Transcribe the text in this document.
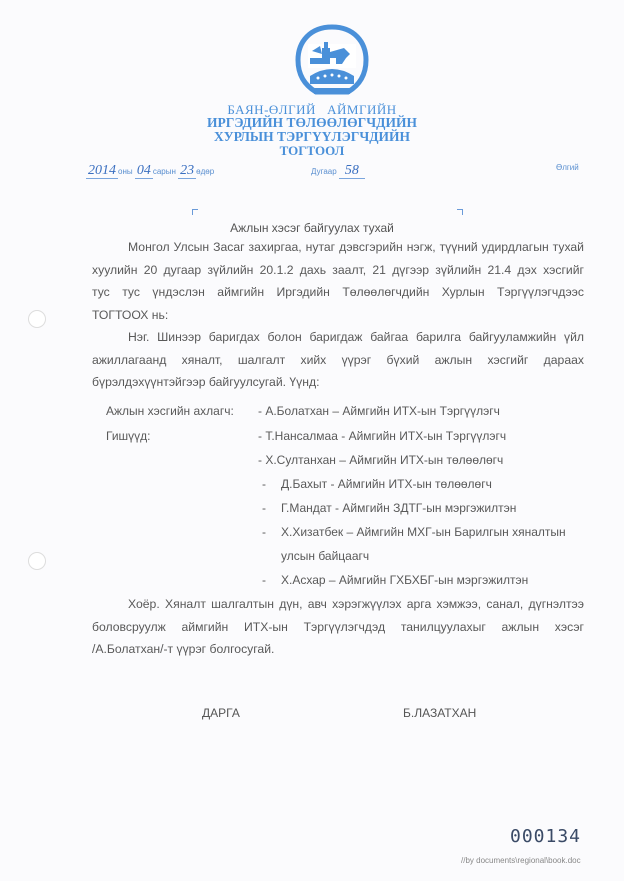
БАЯН-ӨЛГИЙ   АЙМГИЙН
ИРГЭДИЙН ТӨЛӨӨЛӨГЧДИЙН
ХУРЛЫН ТЭРГҮҮЛЭГЧДИЙН
ТОГТООЛ
2014 оны 04 сарын 23 өдөр	Дугаар 58	Өлгий
Ажлын хэсэг байгуулах тухай
Монгол Улсын Засаг захиргаа, нутаг дэвсгэрийн нэгж, түүний удирдлагын тухай
хуулийн 20 дугаар зүйлийн 20.1.2 дахь заалт, 21 дүгээр зүйлийн 21.4 дэх хэсгийг
тус тус үндэслэн аймгийн Иргэдийн Төлөөлөгчдийн Хурлын Тэргүүлэгчдээс
ТОГТООХ нь:
Нэг. Шинээр баригдах болон баригдаж байгаа барилга байгууламжийн үйл
ажиллагаанд хяналт, шалгалт хийх үүрэг бүхий ажлын хэсгийг дараах
бүрэлдэхүүнтэйгээр байгуулсугай. Үүнд:
Ажлын хэсгийн ахлагч: - А.Болатхан – Аймгийн ИТХ-ын Тэргүүлэгч
Гишүүд:	- Т.Нансалмаа - Аймгийн ИТХ-ын Тэргүүлэгч
- Х.Султанхан – Аймгийн ИТХ-ын төлөөлөгч
- Д.Бахыт - Аймгийн ИТХ-ын төлөөлөгч
- Г.Мандат - Аймгийн ЗДТГ-ын мэргэжилтэн
- Х.Хизатбек – Аймгийн МХГ-ын Барилгын хяналтын
улсын байцаагч
- Х.Асхар – Аймгийн ГХБХБГ-ын мэргэжилтэн
Хоёр. Хяналт шалгалтын дүн, авч хэрэгжүүлэх арга хэмжээ, санал, дүгнэлтээ
боловсруулж аймгийн ИТХ-ын Тэргүүлэгчдэд танилцуулахыг ажлын хэсэг
/А.Болатхан/-т үүрэг болгосугай.
ДАРГА	Б.ЛАЗАТХАН
000134
//by documents\regional\book.doc
